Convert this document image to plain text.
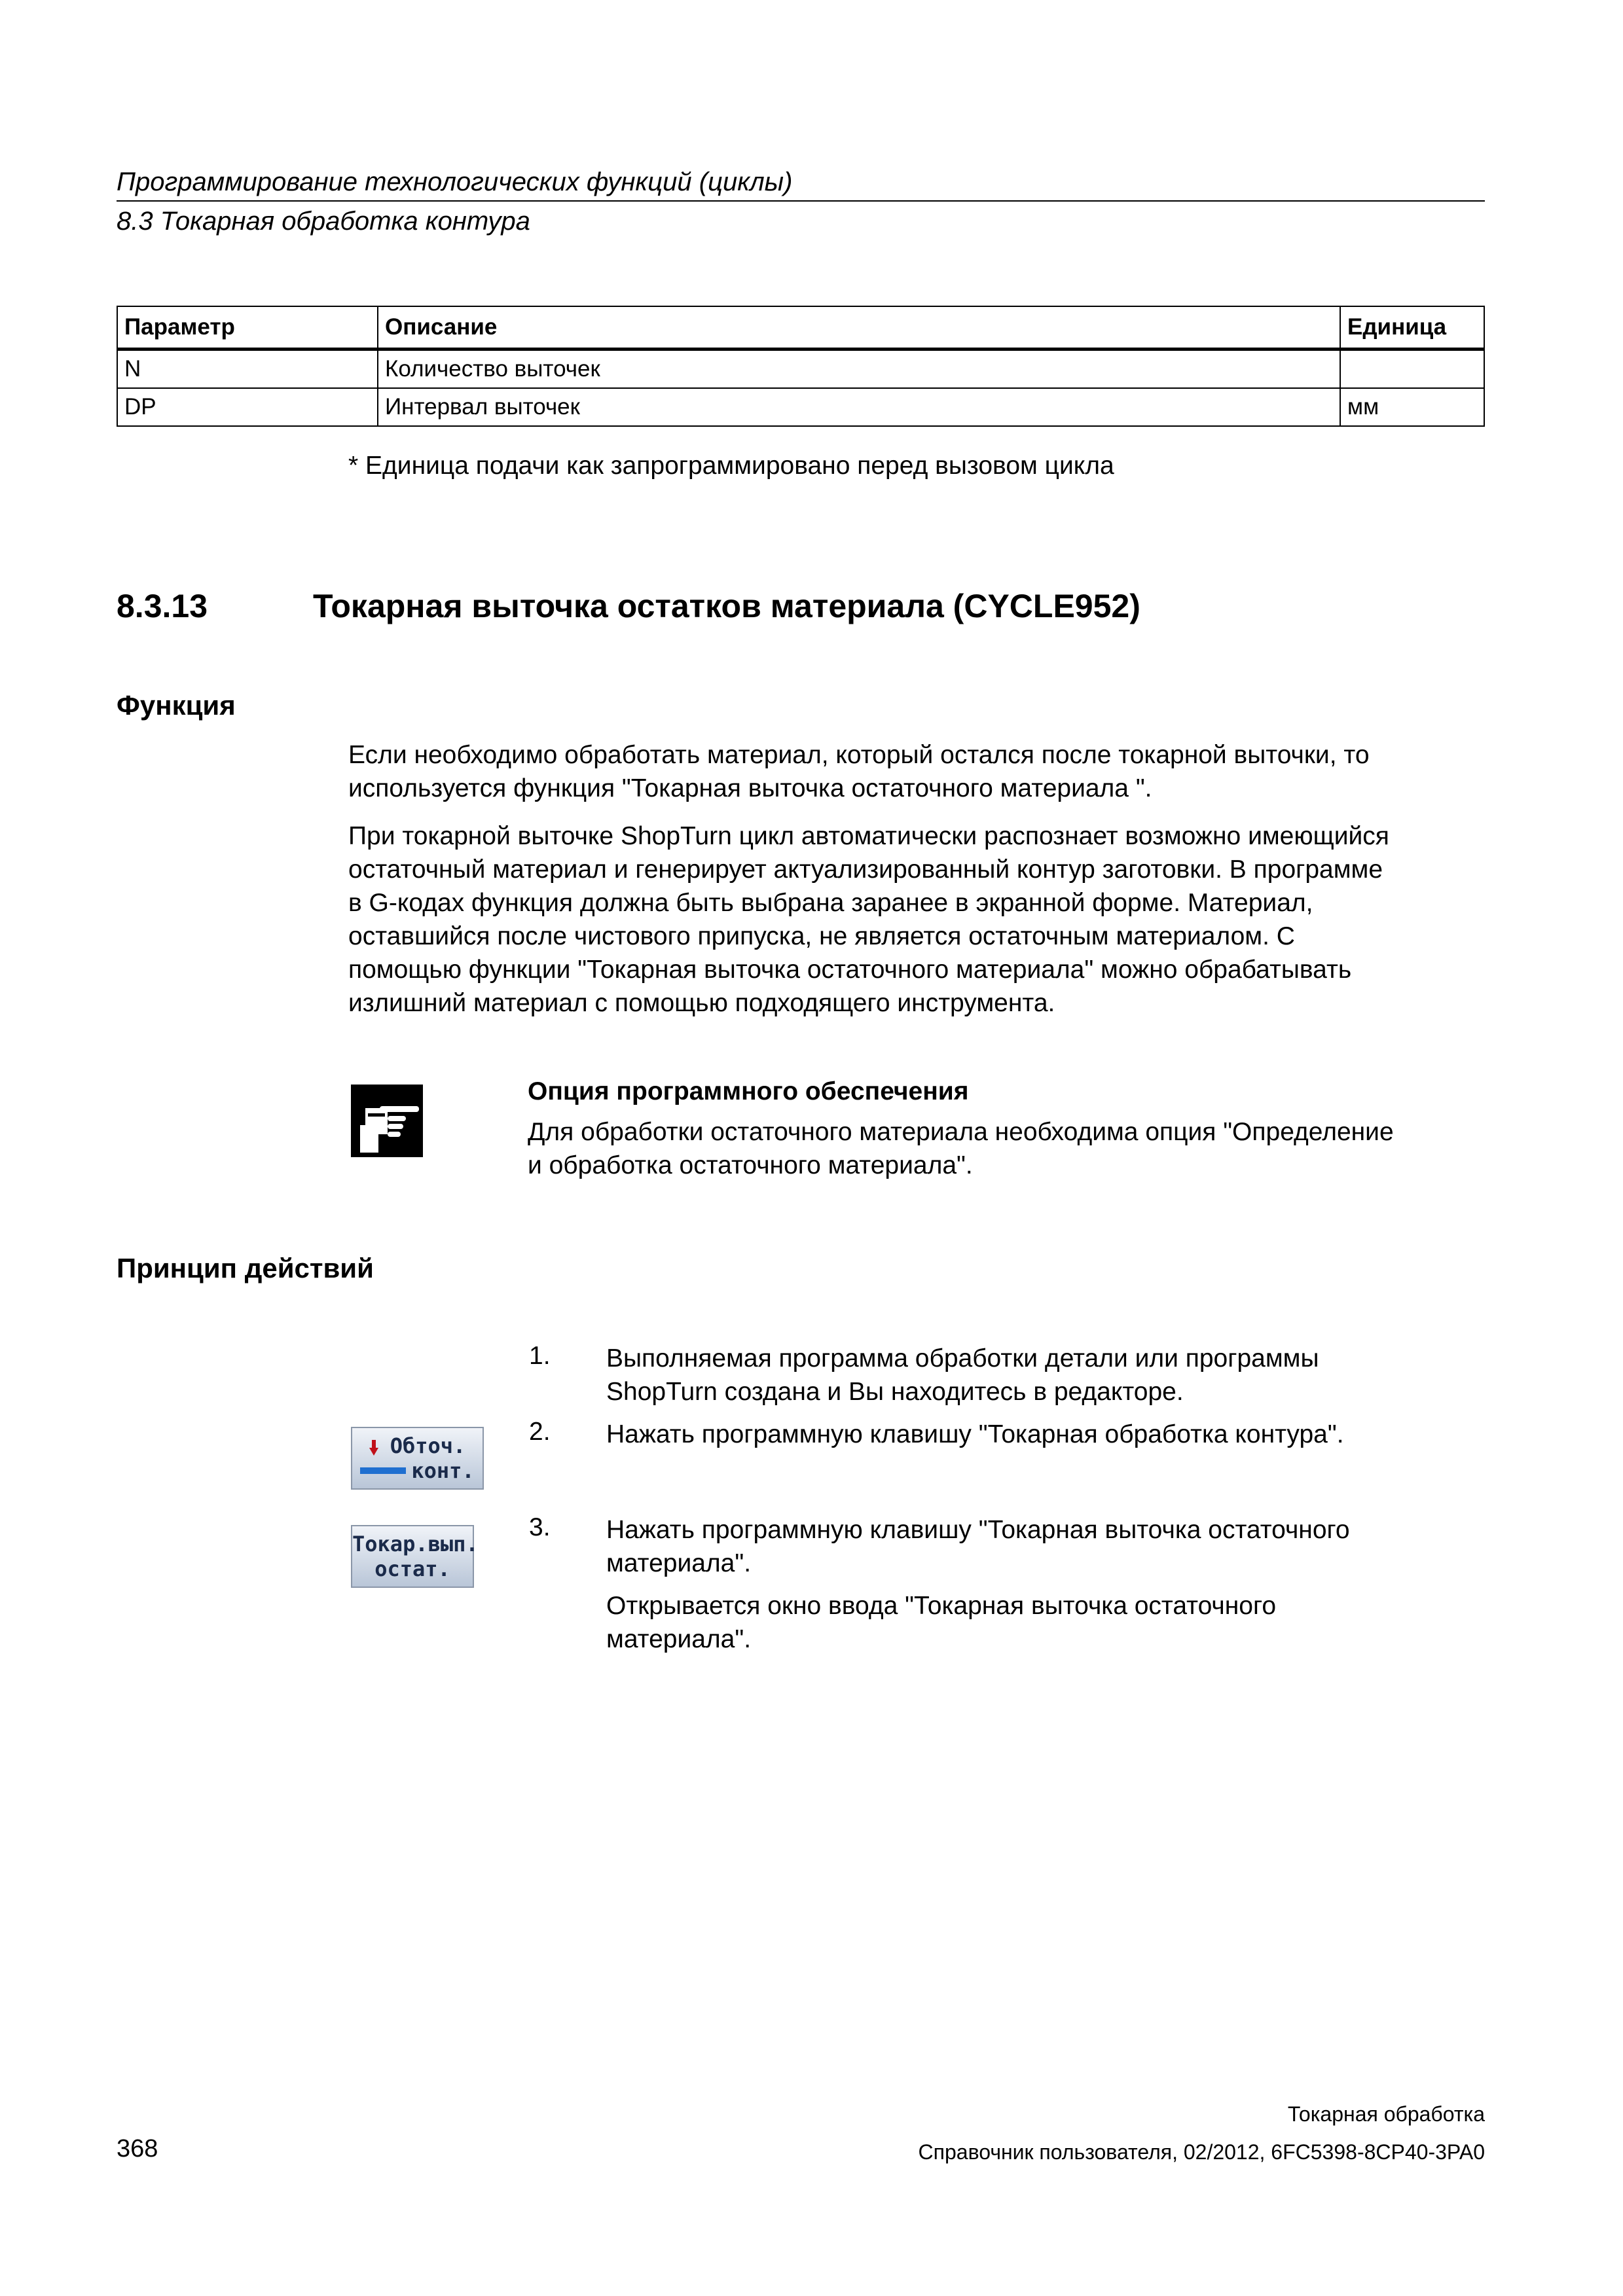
Программирование технологических функций (циклы)
8.3 Токарная обработка контура
Параметр	Описание	Единица
N	Количество выточек	
DP	Интервал выточек	мм
* Единица подачи как запрограммировано перед вызовом цикла
8.3.13	Токарная выточка остатков материала (CYCLE952)
Функция
Если необходимо обработать материал, который остался после токарной выточки, то
используется функция "Токарная выточка остаточного материала ".
При токарной выточке ShopTurn цикл автоматически распознает возможно имеющийся
остаточный материал и генерирует актуализированный контур заготовки. В программе
в G-кодах функция должна быть выбрана заранее в экранной форме. Материал,
оставшийся после чистового припуска, не является остаточным материалом. С
помощью функции "Токарная выточка остаточного материала" можно обрабатывать
излишний материал с помощью подходящего инструмента.
Опция программного обеспечения
Для обработки остаточного материала необходима опция "Определение
и обработка остаточного материала".
Принцип действий
1. Выполняемая программа обработки детали или программы
ShopTurn создана и Вы находитесь в редакторе.
Обточ.
конт.
2. Нажать программную клавишу "Токарная обработка контура".
Токар.вып.
остат.
3. Нажать программную клавишу "Токарная выточка остаточного
материала".
Открывается окно ввода "Токарная выточка остаточного
материала".
Токарная обработка
368	Справочник пользователя, 02/2012, 6FC5398-8CP40-3PA0
